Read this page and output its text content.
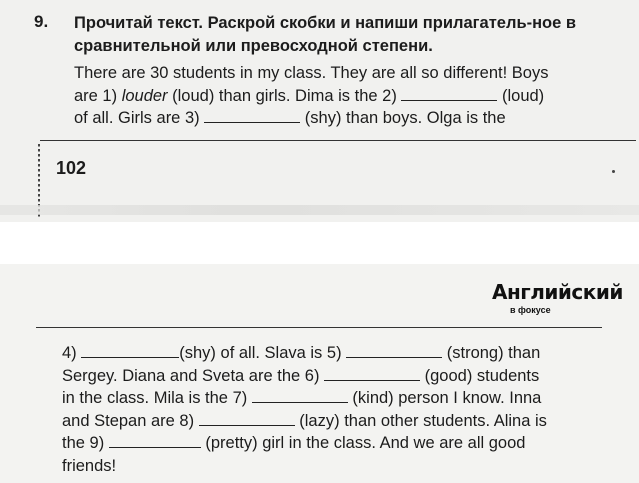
9. Прочитай текст. Раскрой скобки и напиши прилагатель-ное в сравнительной или превосходной степени.
There are 30 students in my class. They are all so different! Boys
are 1) louder (loud) than girls. Dima is the 2)	(loud)
of all. Girls are 3)	(shy) than boys. Olga is the
102
Английский
в фокусе
4)	(shy) of all. Slava is 5)	(strong) than
Sergey. Diana and Sveta are the 6)	(good) students
in the class. Mila is the 7)	(kind) person I know. Inna
and Stepan are 8)	(lazy) than other students. Alina is
the 9)	(pretty) girl in the class. And we are all good
friends!
